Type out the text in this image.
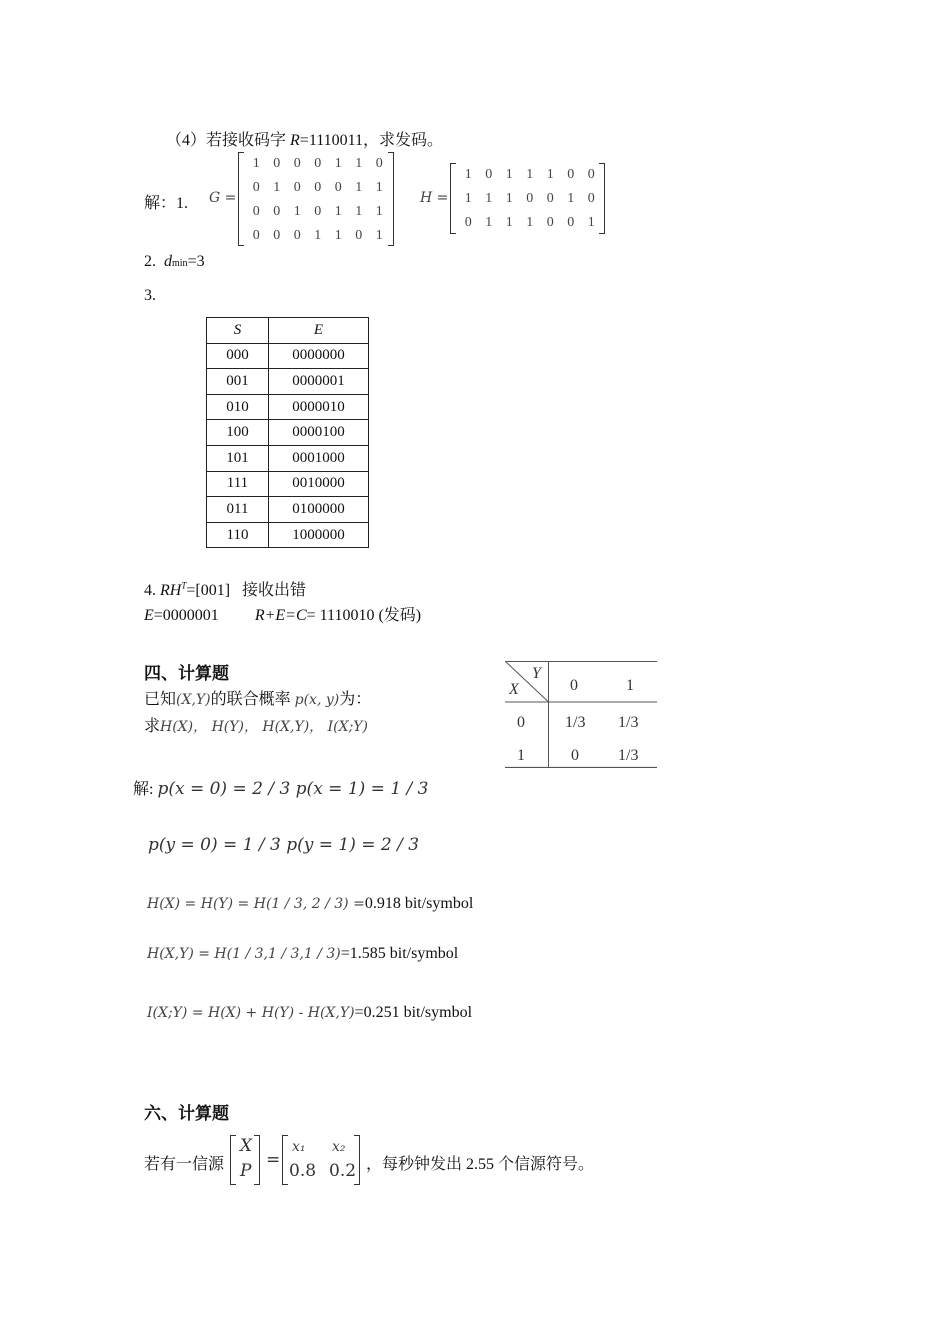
（4）若接收码字 R=1110011，求发码。
解：1. G =
1	0	0	0	1	1	0
0	1	0	0	0	1	1
0	0	1	0	1	1	1
0	0	0	1	1	0	1
H =
1	0	1	1	1	0	0
1	1	1	0	0	1	0
0	1	1	1	0	0	1
2. dmin=3
3.
S	E
000	0000000
001	0000001
010	0000010
100	0000100
101	0001000
111	0010000
011	0100000
110	1000000
4. $RH^T=[001]$ 接收出错
E=0000001 R+E=C= 1110010 (发码)
四、计算题
已知(X,Y)的联合概率 p(x, y)为：
求H(X)， H(Y)， H(X,Y)， I(X;Y)
Y
X	0	1
0	1/3 1/3
1	0 1/3
解: p(x = 0) = 2 / 3 p(x = 1) = 1 / 3
p(y = 0) = 1 / 3 p(y = 1) = 2 / 3
H(X) = H(Y) = H(1 / 3, 2 / 3) =0.918 bit/symbol
H(X,Y) = H(1 / 3,1 / 3,1 / 3)=1.585 bit/symbol
I(X;Y) = H(X) + H(Y) - H(X,Y)=0.251 bit/symbol
六、计算题
若有一信源
X
P
=
x₁ x₂
0.8 0.2 ，每秒钟发出 2.55 个信源符号。
